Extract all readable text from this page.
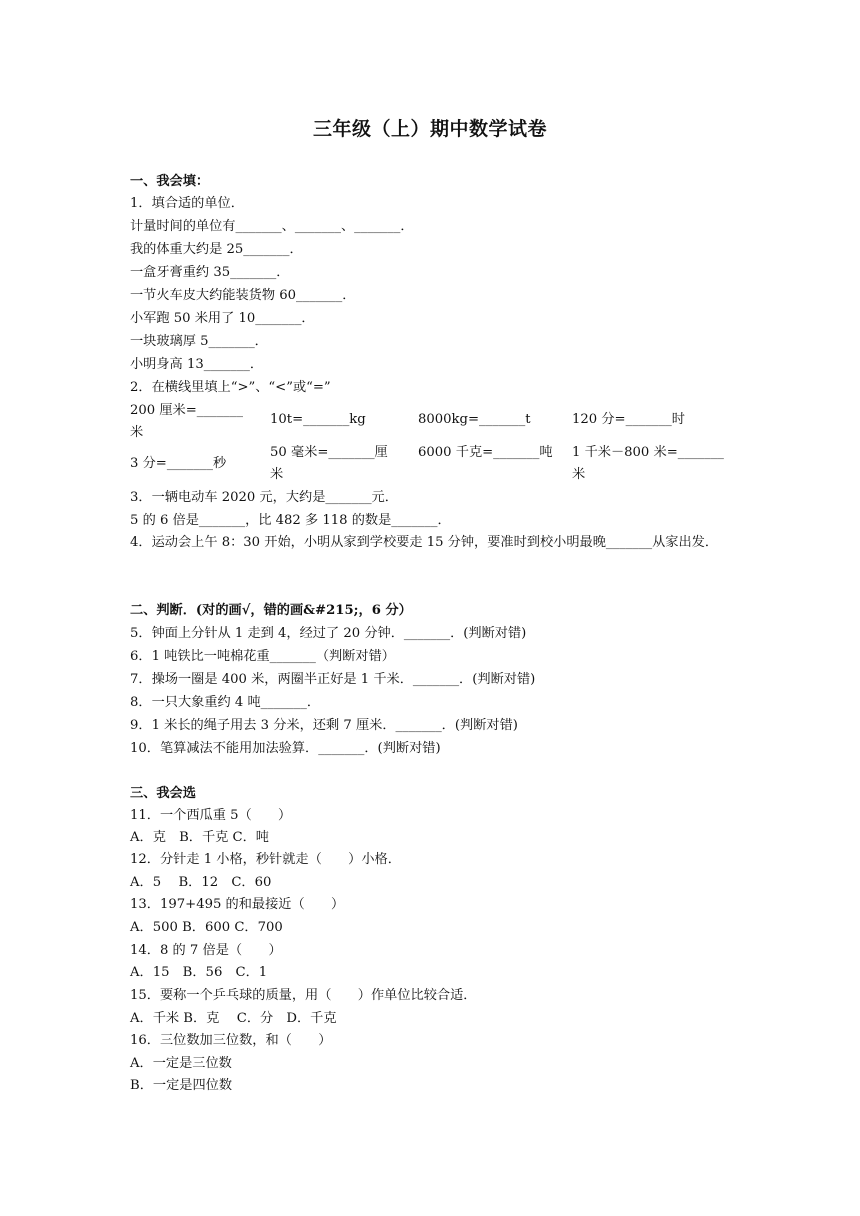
三年级（上）期中数学试卷
一、我会填：
1．填合适的单位．
计量时间的单位有_______、_______、_______．
我的体重大约是 25_______．
一盒牙膏重约 35_______．
一节火车皮大约能装货物 60_______．
小军跑 50 米用了 10_______．
一块玻璃厚 5_______．
小明身高 13_______．
2．在横线里填上“>”、“<”或“=”
200 厘米=_______米
10t=_______kg	8000kg=_______t	120 分=_______时
3 分=_______秒
50 毫米=_______厘米
6000 千克=_______吨 1 千米－800 米=_______米
3．一辆电动车 2020 元，大约是_______元．
5 的 6 倍是_______，比 482 多 118 的数是_______．
4．运动会上午 8：30 开始，小明从家到学校要走 15 分钟，要准时到校小明最晚_______从家出发．
二、判断．(对的画√，错的画&#215;，6 分）
5．钟面上分针从 1 走到 4，经过了 20 分钟．_______．(判断对错)
6．1 吨铁比一吨棉花重_______（判断对错）
7．操场一圈是 400 米，两圈半正好是 1 千米．_______．(判断对错)
8．一只大象重约 4 吨_______．
9．1 米长的绳子用去 3 分米，还剩 7 厘米．_______．(判断对错)
10．笔算减法不能用加法验算．_______．(判断对错)
三、我会选
11．一个西瓜重 5（　　）
A．克　B．千克 C．吨
12．分针走 1 小格，秒针就走（　　）小格．
A．5　 B．12　C．60
13．197+495 的和最接近（　　）
A．500 B．600 C．700
14．8 的 7 倍是（　　）
A．15　B．56　C．1
15．要称一个乒乓球的质量，用（　　）作单位比较合适．
A．千米 B．克　 C．分　D．千克
16．三位数加三位数，和（　　）
A．一定是三位数
B．一定是四位数
